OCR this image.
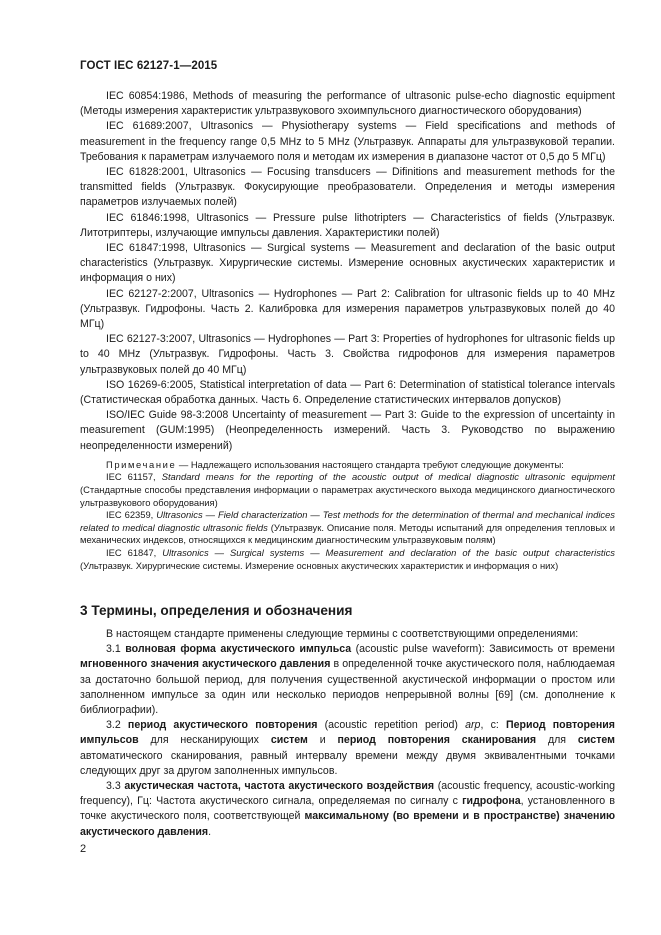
ГОСТ IEC 62127-1—2015

IEC 60854:1986, Methods of measuring the performance of ultrasonic pulse-echo diagnostic equipment (Методы измерения характеристик ультразвукового эхоимпульсного диагностического оборудования)

IEC 61689:2007, Ultrasonics — Physiotherapy systems — Field specifications and methods of measurement in the frequency range 0,5 MHz to 5 MHz (Ультразвук. Аппараты для ультразвуковой терапии. Требования к параметрам излучаемого поля и методам их измерения в диапазоне частот от 0,5 до 5 МГц)

IEC 61828:2001, Ultrasonics — Focusing transducers — Difinitions and measurement methods for the transmitted fields (Ультразвук. Фокусирующие преобразователи. Определения и методы измерения параметров излучаемых полей)

IEC 61846:1998, Ultrasonics — Pressure pulse lithotripters — Characteristics of fields (Ультразвук. Литотриптеры, излучающие импульсы давления. Характеристики полей)

IEC 61847:1998, Ultrasonics — Surgical systems — Measurement and declaration of the basic output characteristics (Ультразвук. Хирургические системы. Измерение основных акустических характеристик и информация о них)

IEC 62127-2:2007, Ultrasonics — Hydrophones — Part 2: Calibration for ultrasonic fields up to 40 MHz (Ультразвук. Гидрофоны. Часть 2. Калибровка для измерения параметров ультразвуковых полей до 40 МГц)

IEC 62127-3:2007, Ultrasonics — Hydrophones — Part 3: Properties of hydrophones for ultrasonic fields up to 40 MHz (Ультразвук. Гидрофоны. Часть 3. Свойства гидрофонов для измерения параметров ультразвуковых полей до 40 МГц)

ISO 16269-6:2005, Statistical interpretation of data — Part 6: Determination of statistical tolerance intervals (Статистическая обработка данных. Часть 6. Определение статистических интервалов допусков)

ISO/IEC Guide 98-3:2008 Uncertainty of measurement — Part 3: Guide to the expression of uncertainty in measurement (GUM:1995) (Неопределенность измерений. Часть 3. Руководство по выражению неопределенности измерений)

Примечание — Надлежащего использования настоящего стандарта требуют следующие документы:

IEC 61157, Standard means for the reporting of the acoustic output of medical diagnostic ultrasonic equipment (Стандартные способы представления информации о параметрах акустического выхода медицинского диагностического ультразвукового оборудования)

IEC 62359, Ultrasonics — Field characterization — Test methods for the determination of thermal and mechanical indices related to medical diagnostic ultrasonic fields (Ультразвук. Описание поля. Методы испытаний для определения тепловых и механических индексов, относящихся к медицинским диагностическим ультразвуковым полям)

IEC 61847, Ultrasonics — Surgical systems — Measurement and declaration of the basic output characteristics (Ультразвук. Хирургические системы. Измерение основных акустических характеристик и информация о них)

3 Термины, определения и обозначения

В настоящем стандарте применены следующие термины с соответствующими определениями:

3.1 волновая форма акустического импульса (acoustic pulse waveform): Зависимость от времени мгновенного значения акустического давления в определенной точке акустического поля, наблюдаемая за достаточно большой период, для получения существенной акустической информации о простом или заполненном импульсе за один или несколько периодов непрерывной волны [69] (см. дополнение к библиографии).

3.2 период акустического повторения (acoustic repetition period) arp, с: Период повторения импульсов для несканирующих систем и период повторения сканирования для систем автоматического сканирования, равный интервалу времени между двумя эквивалентными точками следующих друг за другом заполненных импульсов.

3.3 акустическая частота, частота акустического воздействия (acoustic frequency, acoustic-working frequency), Гц: Частота акустического сигнала, определяемая по сигналу с гидрофона, установленного в точке акустического поля, соответствующей максимальному (во времени и в пространстве) значению акустического давления.

2
